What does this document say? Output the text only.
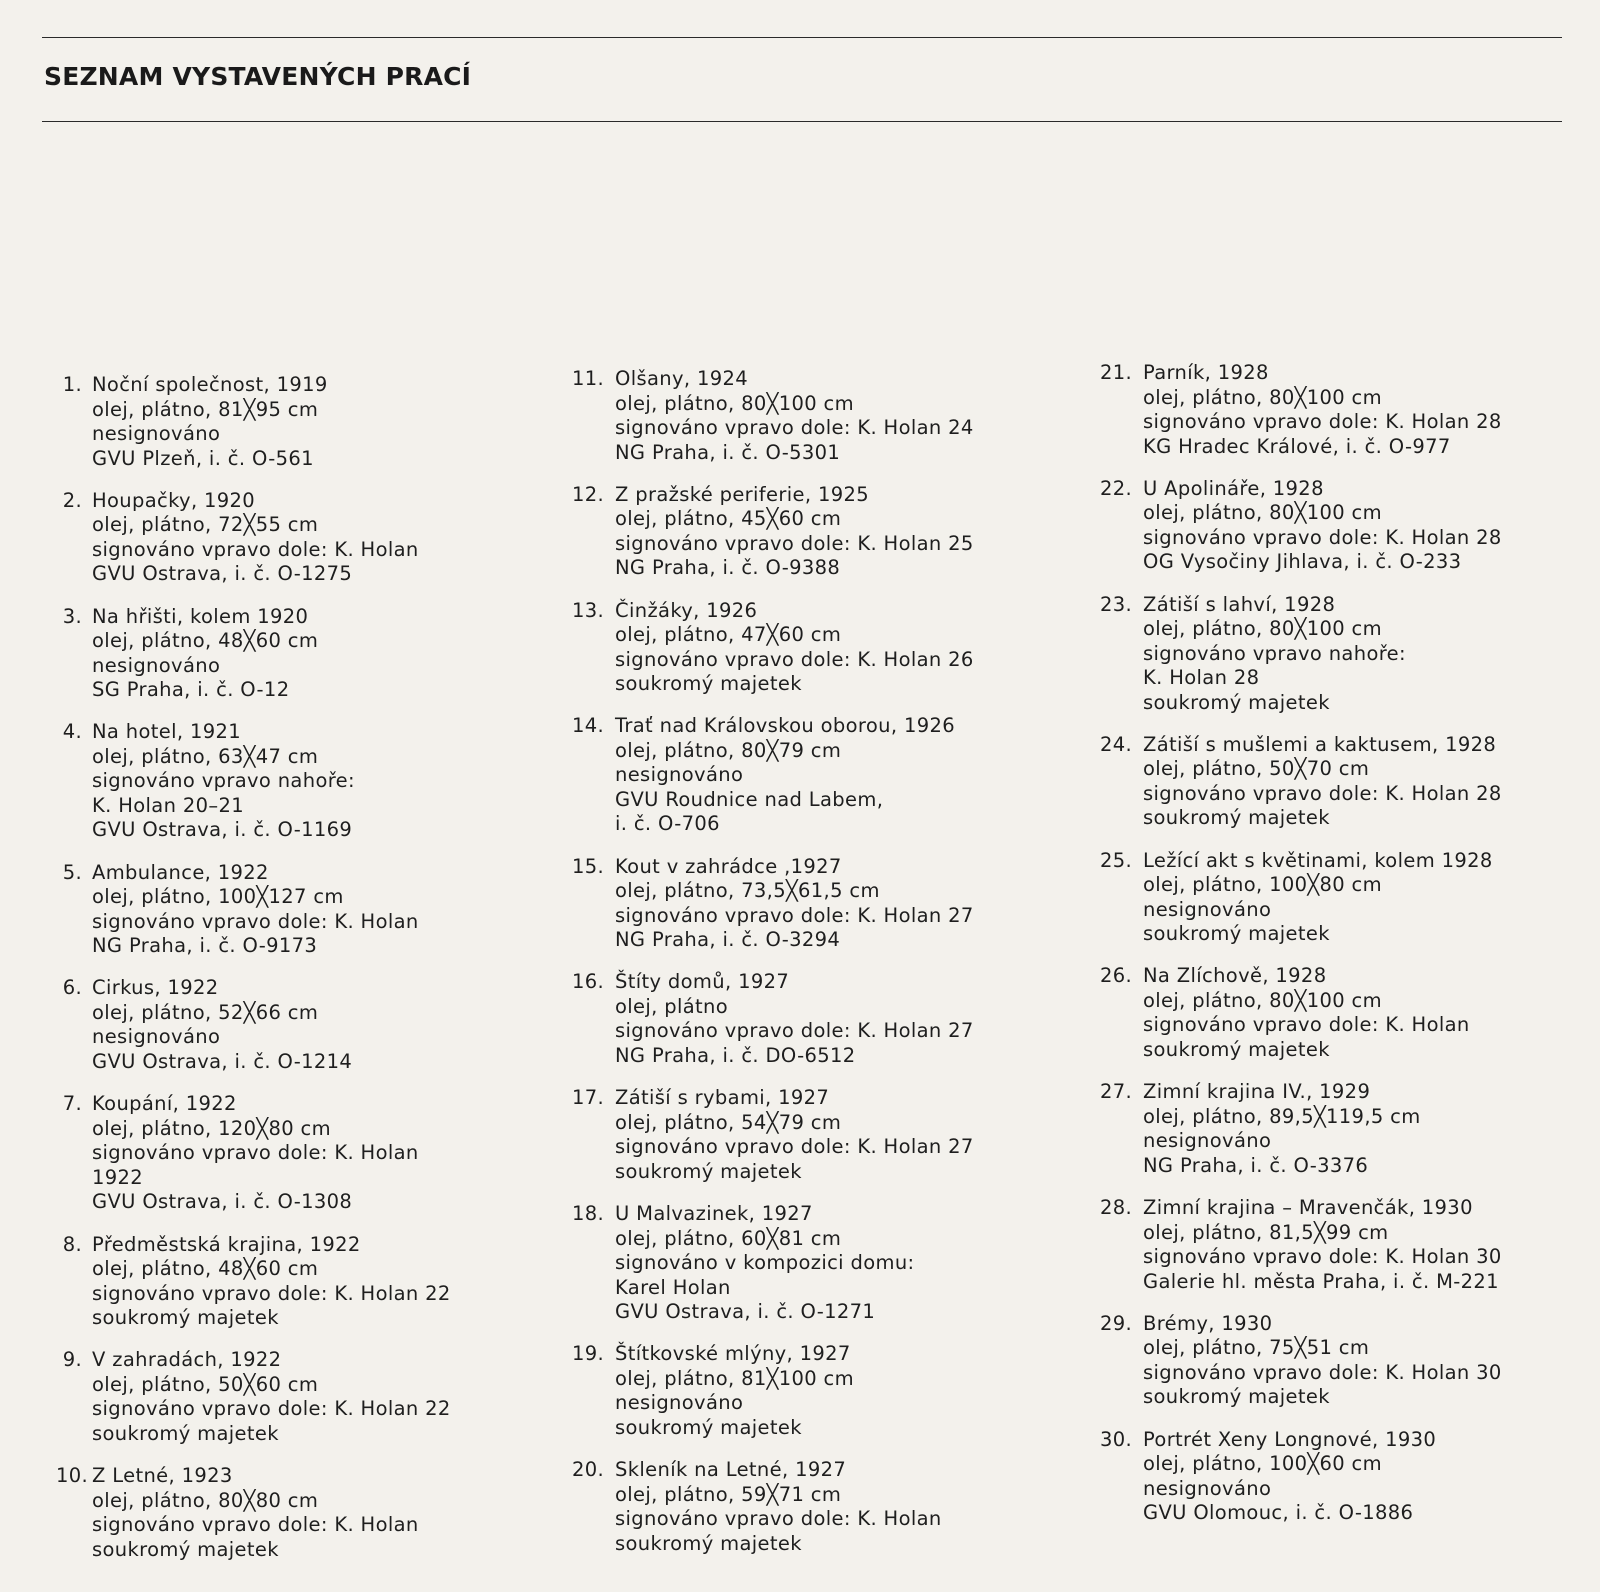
SEZNAM VYSTAVENÝCH PRACÍ
1. Noční společnost, 1919
olej, plátno, 81╳95 cm
nesignováno
GVU Plzeň, i. č. O-561
2. Houpačky, 1920
olej, plátno, 72╳55 cm
signováno vpravo dole: K. Holan
GVU Ostrava, i. č. O-1275
3. Na hřišti, kolem 1920
olej, plátno, 48╳60 cm
nesignováno
SG Praha, i. č. O-12
4. Na hotel, 1921
olej, plátno, 63╳47 cm
signováno vpravo nahoře:
K. Holan 20–21
GVU Ostrava, i. č. O-1169
5. Ambulance, 1922
olej, plátno, 100╳127 cm
signováno vpravo dole: K. Holan
NG Praha, i. č. O-9173
6. Cirkus, 1922
olej, plátno, 52╳66 cm
nesignováno
GVU Ostrava, i. č. O-1214
7. Koupání, 1922
olej, plátno, 120╳80 cm
signováno vpravo dole: K. Holan
1922
GVU Ostrava, i. č. O-1308
8. Předměstská krajina, 1922
olej, plátno, 48╳60 cm
signováno vpravo dole: K. Holan 22
soukromý majetek
9. V zahradách, 1922
olej, plátno, 50╳60 cm
signováno vpravo dole: K. Holan 22
soukromý majetek
10. Z Letné, 1923
olej, plátno, 80╳80 cm
signováno vpravo dole: K. Holan
soukromý majetek
11. Olšany, 1924
olej, plátno, 80╳100 cm
signováno vpravo dole: K. Holan 24
NG Praha, i. č. O-5301
12. Z pražské periferie, 1925
olej, plátno, 45╳60 cm
signováno vpravo dole: K. Holan 25
NG Praha, i. č. O-9388
13. Činžáky, 1926
olej, plátno, 47╳60 cm
signováno vpravo dole: K. Holan 26
soukromý majetek
14. Trať nad Královskou oborou, 1926
olej, plátno, 80╳79 cm
nesignováno
GVU Roudnice nad Labem,
i. č. O-706
15. Kout v zahrádce ,1927
olej, plátno, 73,5╳61,5 cm
signováno vpravo dole: K. Holan 27
NG Praha, i. č. O-3294
16. Štíty domů, 1927
olej, plátno
signováno vpravo dole: K. Holan 27
NG Praha, i. č. DO-6512
17. Zátiší s rybami, 1927
olej, plátno, 54╳79 cm
signováno vpravo dole: K. Holan 27
soukromý majetek
18. U Malvazinek, 1927
olej, plátno, 60╳81 cm
signováno v kompozici domu:
Karel Holan
GVU Ostrava, i. č. O-1271
19. Štítkovské mlýny, 1927
olej, plátno, 81╳100 cm
nesignováno
soukromý majetek
20. Skleník na Letné, 1927
olej, plátno, 59╳71 cm
signováno vpravo dole: K. Holan
soukromý majetek
21. Parník, 1928
olej, plátno, 80╳100 cm
signováno vpravo dole: K. Holan 28
KG Hradec Králové, i. č. O-977
22. U Apolináře, 1928
olej, plátno, 80╳100 cm
signováno vpravo dole: K. Holan 28
OG Vysočiny Jihlava, i. č. O-233
23. Zátiší s lahví, 1928
olej, plátno, 80╳100 cm
signováno vpravo nahoře:
K. Holan 28
soukromý majetek
24. Zátiší s mušlemi a kaktusem, 1928
olej, plátno, 50╳70 cm
signováno vpravo dole: K. Holan 28
soukromý majetek
25. Ležící akt s květinami, kolem 1928
olej, plátno, 100╳80 cm
nesignováno
soukromý majetek
26. Na Zlíchově, 1928
olej, plátno, 80╳100 cm
signováno vpravo dole: K. Holan
soukromý majetek
27. Zimní krajina IV., 1929
olej, plátno, 89,5╳119,5 cm
nesignováno
NG Praha, i. č. O-3376
28. Zimní krajina – Mravenčák, 1930
olej, plátno, 81,5╳99 cm
signováno vpravo dole: K. Holan 30
Galerie hl. města Praha, i. č. M-221
29. Brémy, 1930
olej, plátno, 75╳51 cm
signováno vpravo dole: K. Holan 30
soukromý majetek
30. Portrét Xeny Longnové, 1930
olej, plátno, 100╳60 cm
nesignováno
GVU Olomouc, i. č. O-1886
